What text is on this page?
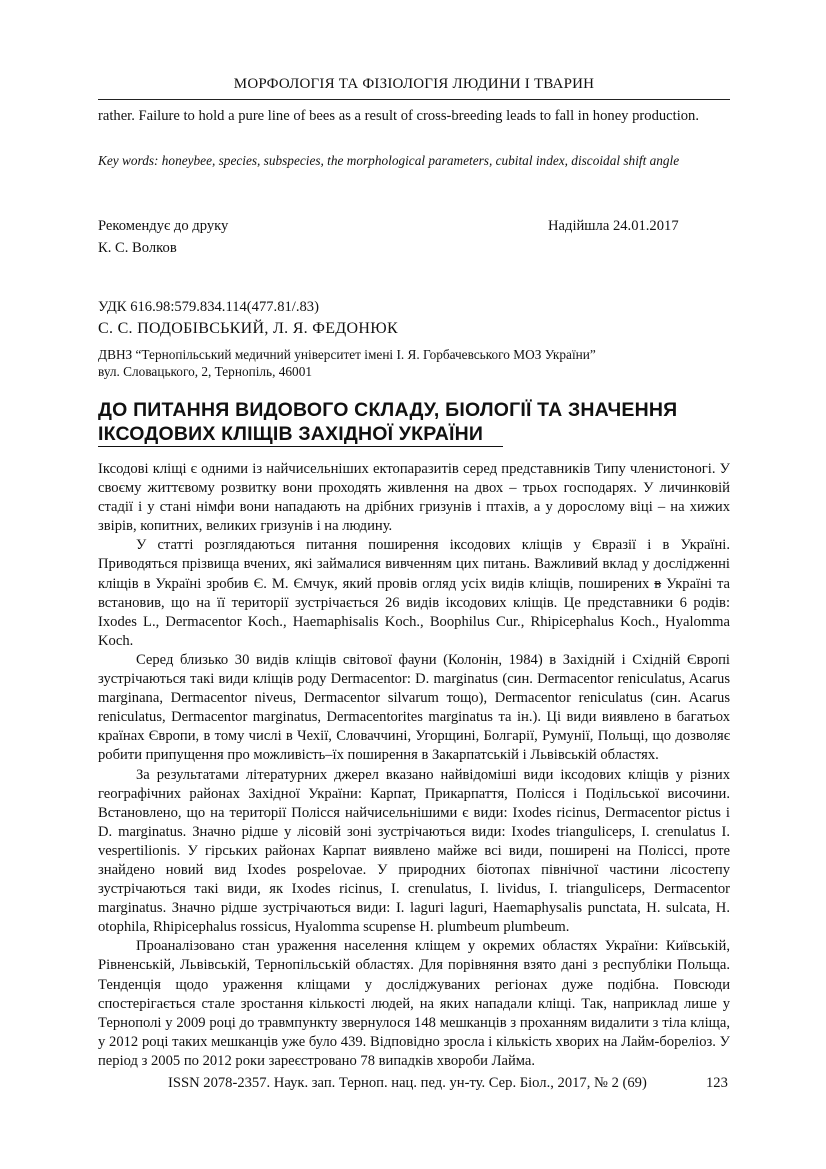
МОРФОЛОГІЯ ТА ФІЗІОЛОГІЯ ЛЮДИНИ І ТВАРИН

rather. Failure to hold a pure line of bees as a result of cross-breeding leads to fall in honey production.

Key words: honeybee, species, subspecies, the morphological parameters, cubital index, discoidal shift angle
Рекомендує до друку	Надійшла 24.01.2017
К. С. Волков
УДК 616.98:579.834.114(477.81/.83)
С. С. ПОДОБІВСЬКИЙ, Л. Я. ФЕДОНЮК
ДВНЗ “Тернопільський медичний університет імені І. Я. Горбачевського МОЗ України”
вул. Словацького, 2, Тернопіль, 46001
ДО ПИТАННЯ ВИДОВОГО СКЛАДУ, БІОЛОГІЇ ТА ЗНАЧЕННЯ
ІКСОДОВИХ КЛІЩІВ ЗАХІДНОЇ УКРАЇНИ

Іксодові кліщі є одними із найчисельніших ектопаразитів серед представників Типу членистоногі. У своєму життєвому розвитку вони проходять живлення на двох – трьох господарях. У личинковій стадії і у стані німфи вони нападають на дрібних гризунів і птахів, а у дорослому віці – на хижих звірів, копитних, великих гризунів і на людину.

У статті розглядаються питання поширення іксодових кліщів у Євразії і в Україні. Приводяться прізвища вчених, які займалися вивченням цих питань. Важливий вклад у дослідженні кліщів в Україні зробив Є. М. Ємчук, який провів огляд усіх видів кліщів, поширених в Україні та встановив, що на її території зустрічається 26 видів іксодових кліщів. Це представники 6 родів: Ixodes L., Dermacentor Koch., Haemaphisalis Koch., Boophilus Cur., Rhipicephalus Koch., Hyalomma Koch.

Серед близько 30 видів кліщів світової фауни (Колонін, 1984) в Західній і Східній Європі зустрічаються такі види кліщів роду Dermacentor: D. marginatus (син. Dermacentor reniculatus, Acarus marginana, Dermacentor niveus, Dermacentor silvarum тощо), Dermacentor reniculatus (син. Acarus reniculatus, Dermacentor marginatus, Dermacentorites marginatus та ін.). Ці види виявлено в багатьох країнах Європи, в тому числі в Чехії, Словаччині, Угорщині, Болгарії, Румунії, Польщі, що дозволяє робити припущення про можливість–їх поширення в Закарпатській і Львівській областях.

За результатами літературних джерел вказано найвідоміші види іксодових кліщів у різних географічних районах Західної України: Карпат, Прикарпаття, Полісся і Подільської височини. Встановлено, що на території Полісся найчисельнішими є види: Ixodes ricinus, Dermacentor pictus і D. marginatus. Значно рідше у лісовій зоні зустрічаються види: Ixodes trianguliceps, I. crenulatus I. vespertilionis. У гірських районах Карпат виявлено майже всі види, поширені на Поліссі, проте знайдено новий вид Ixodes pospelovae. У природних біотопах північної частини лісостепу зустрічаються такі види, як Ixodes ricinus, I. crenulatus, I. lividus, I. trianguliceps, Dermacentor marginatus. Значно рідше зустрічаються види: I. laguri laguri, Haemaphysalis punctata, H. sulcata, H. otophila, Rhipicephalus rossicus, Hyalomma scupense H. plumbeum plumbeum.

Проаналізовано стан ураження населення кліщем у окремих областях України: Київській, Рівненській, Львівській, Тернопільській областях. Для порівняння взято дані з республіки Польща. Тенденція щодо ураження кліщами у досліджуваних регіонах дуже подібна. Повсюди спостерігається стале зростання кількості людей, на яких нападали кліщі. Так, наприклад лише у Тернополі у 2009 році до травмпункту звернулося 148 мешканців з проханням видалити з тіла кліща, у 2012 році таких мешканців уже було 439. Відповідно зросла і кількість хворих на Лайм-бореліоз. У період з 2005 по 2012 роки зареєстровано 78 випадків хвороби Лайма.

ISSN 2078-2357. Наук. зап. Терноп. нац. пед. ун-ту. Сер. Біол., 2017, № 2 (69)	123
